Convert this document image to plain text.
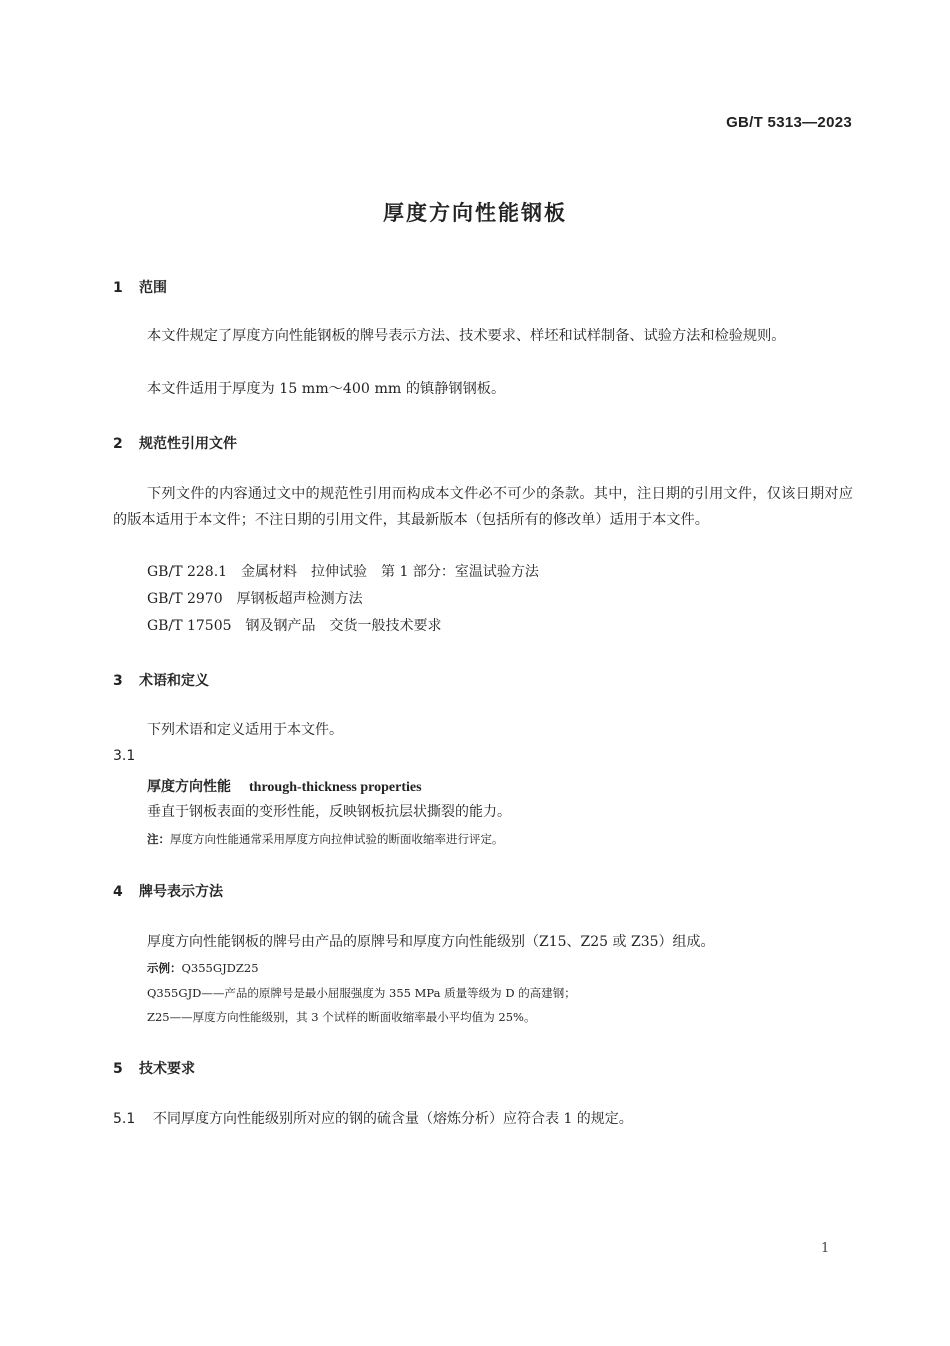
GB/T 5313—2023
厚度方向性能钢板
1 范围
本文件规定了厚度方向性能钢板的牌号表示方法、技术要求、样坯和试样制备、试验方法和检验规则。
本文件适用于厚度为 15 mm～400 mm 的镇静钢钢板。
2 规范性引用文件
下列文件的内容通过文中的规范性引用而构成本文件必不可少的条款。其中，注日期的引用文件，仅该日期对应的版本适用于本文件；不注日期的引用文件，其最新版本（包括所有的修改单）适用于本文件。
GB/T 228.1　金属材料　拉伸试验　第 1 部分：室温试验方法
GB/T 2970　厚钢板超声检测方法
GB/T 17505　钢及钢产品　交货一般技术要求
3 术语和定义
下列术语和定义适用于本文件。
3.1
厚度方向性能 through-thickness properties
垂直于钢板表面的变形性能，反映钢板抗层状撕裂的能力。
注：厚度方向性能通常采用厚度方向拉伸试验的断面收缩率进行评定。
4 牌号表示方法
厚度方向性能钢板的牌号由产品的原牌号和厚度方向性能级别（Z15、Z25 或 Z35）组成。
示例：Q355GJDZ25
Q355GJD——产品的原牌号是最小屈服强度为 355 MPa 质量等级为 D 的高建钢；
Z25——厚度方向性能级别，其 3 个试样的断面收缩率最小平均值为 25%。
5 技术要求
5.1 不同厚度方向性能级别所对应的钢的硫含量（熔炼分析）应符合表 1 的规定。
1
